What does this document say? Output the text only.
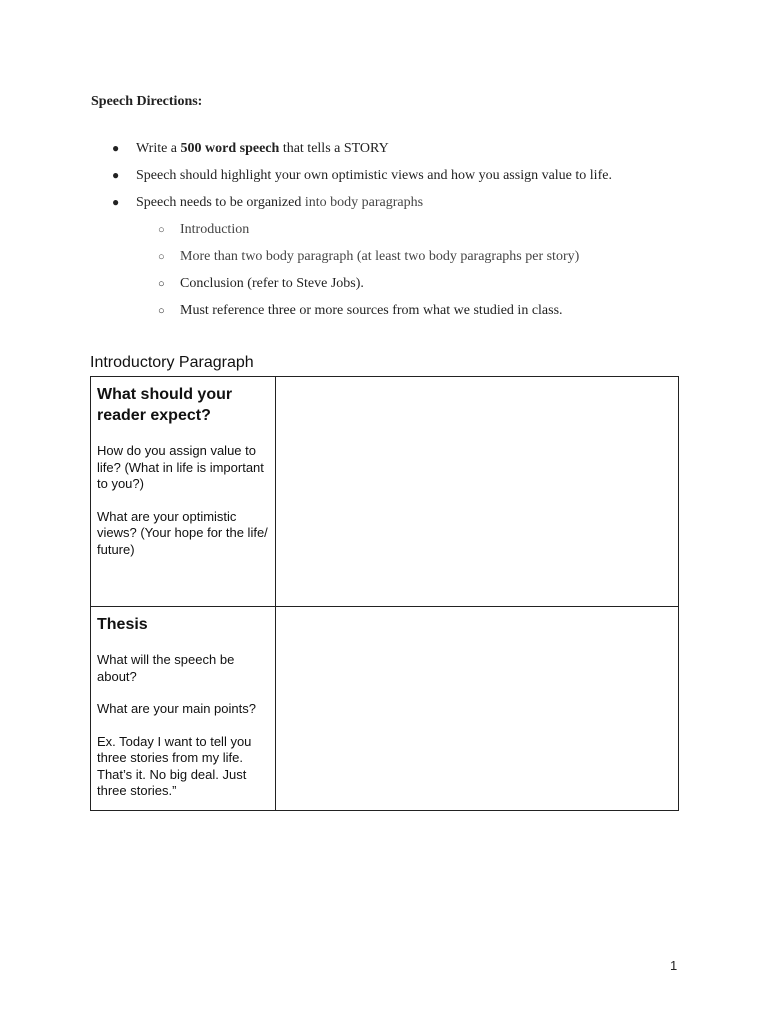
Speech Directions:
● Write a 500 word speech that tells a STORY
● Speech should highlight your own optimistic views and how you assign value to life.
● Speech needs to be organized into body paragraphs
○ Introduction
○ More than two body paragraph (at least two body paragraphs per story)
○ Conclusion (refer to Steve Jobs).
○ Must reference three or more sources from what we studied in class.
Introductory Paragraph
What should your reader expect?
How do you assign value to life? (What in life is important to you?)
What are your optimistic views? (Your hope for the life/ future)	

Thesis
What will the speech be about?
What are your main points?
Ex. Today I want to tell you three stories from my life. That’s it. No big deal. Just three stories.”	

1
